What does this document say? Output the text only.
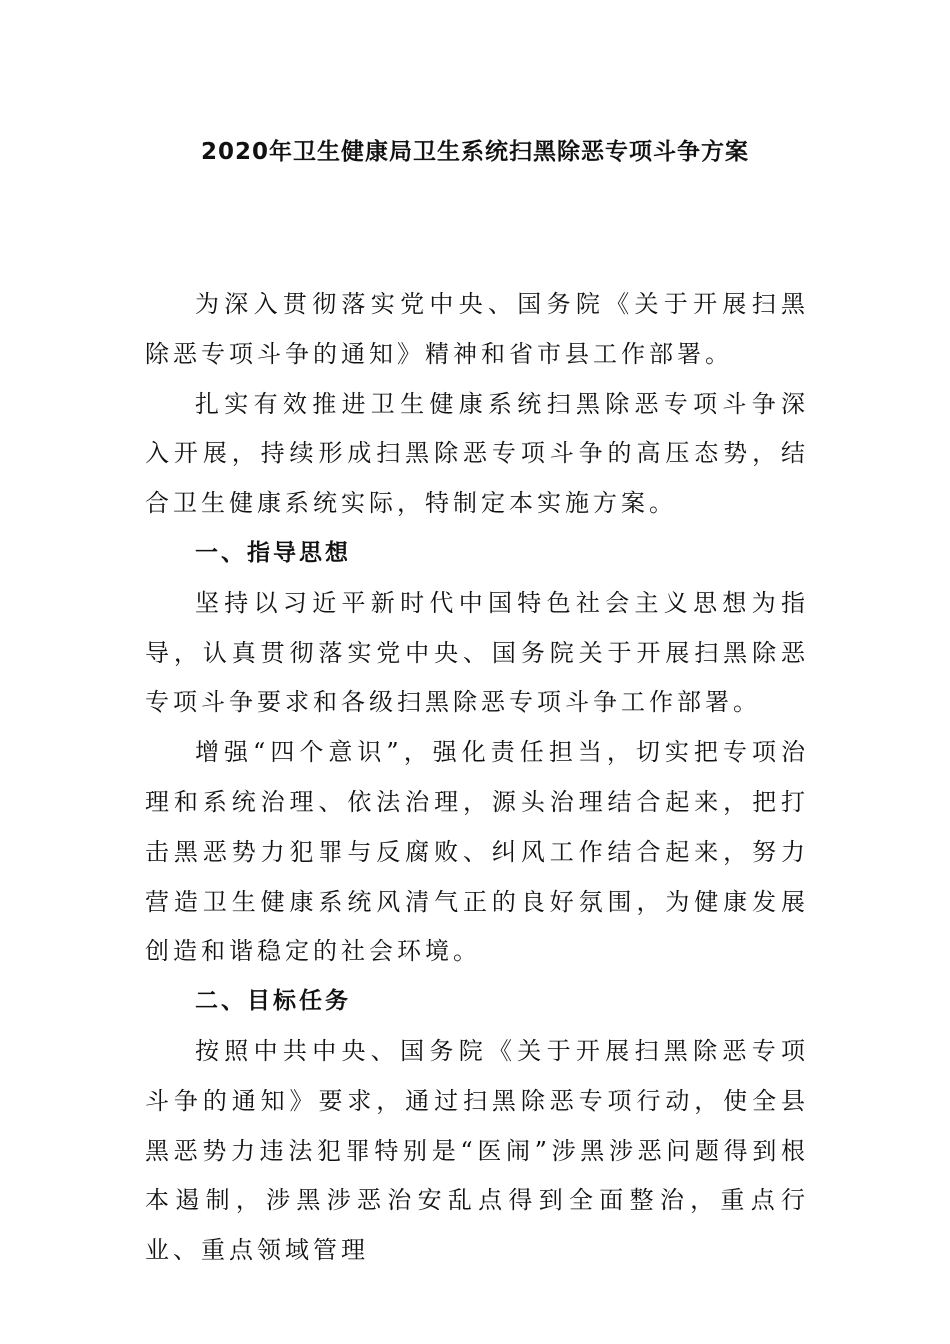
2020年卫生健康局卫生系统扫黑除恶专项斗争方案

为深入贯彻落实党中央、国务院《关于开展扫黑除恶专项斗争的通知》精神和省市县工作部署。

扎实有效推进卫生健康系统扫黑除恶专项斗争深入开展，持续形成扫黑除恶专项斗争的高压态势，结合卫生健康系统实际，特制定本实施方案。

一、指导思想

坚持以习近平新时代中国特色社会主义思想为指导，认真贯彻落实党中央、国务院关于开展扫黑除恶专项斗争要求和各级扫黑除恶专项斗争工作部署。

增强“四个意识”，强化责任担当，切实把专项治理和系统治理、依法治理，源头治理结合起来，把打击黑恶势力犯罪与反腐败、纠风工作结合起来，努力营造卫生健康系统风清气正的良好氛围，为健康发展创造和谐稳定的社会环境。

二、目标任务

按照中共中央、国务院《关于开展扫黑除恶专项斗争的通知》要求，通过扫黑除恶专项行动，使全县黑恶势力违法犯罪特别是“医闹”涉黑涉恶问题得到根本遏制，涉黑涉恶治安乱点得到全面整治，重点行业、重点领域管理
